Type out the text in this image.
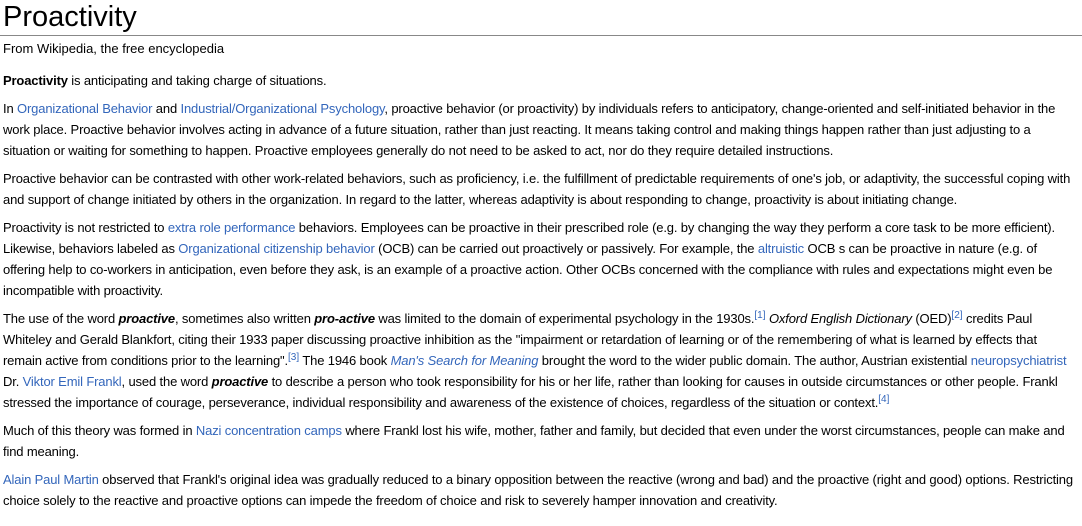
Proactivity
From Wikipedia, the free encyclopedia

Proactivity is anticipating and taking charge of situations.

In Organizational Behavior and Industrial/Organizational Psychology, proactive behavior (or proactivity) by individuals refers to anticipatory, change-oriented and self-initiated behavior in the work place. Proactive behavior involves acting in advance of a future situation, rather than just reacting. It means taking control and making things happen rather than just adjusting to a situation or waiting for something to happen. Proactive employees generally do not need to be asked to act, nor do they require detailed instructions.

Proactive behavior can be contrasted with other work-related behaviors, such as proficiency, i.e. the fulfillment of predictable requirements of one's job, or adaptivity, the successful coping with and support of change initiated by others in the organization. In regard to the latter, whereas adaptivity is about responding to change, proactivity is about initiating change.

Proactivity is not restricted to extra role performance behaviors. Employees can be proactive in their prescribed role (e.g. by changing the way they perform a core task to be more efficient). Likewise, behaviors labeled as Organizational citizenship behavior (OCB) can be carried out proactively or passively. For example, the altruistic OCB s can be proactive in nature (e.g. of offering help to co-workers in anticipation, even before they ask, is an example of a proactive action. Other OCBs concerned with the compliance with rules and expectations might even be incompatible with proactivity.

The use of the word proactive, sometimes also written pro-active was limited to the domain of experimental psychology in the 1930s.[1] Oxford English Dictionary (OED)[2] credits Paul Whiteley and Gerald Blankfort, citing their 1933 paper discussing proactive inhibition as the "impairment or retardation of learning or of the remembering of what is learned by effects that remain active from conditions prior to the learning".[3] The 1946 book Man's Search for Meaning brought the word to the wider public domain. The author, Austrian existential neuropsychiatrist Dr. Viktor Emil Frankl, used the word proactive to describe a person who took responsibility for his or her life, rather than looking for causes in outside circumstances or other people. Frankl stressed the importance of courage, perseverance, individual responsibility and awareness of the existence of choices, regardless of the situation or context.[4]

Much of this theory was formed in Nazi concentration camps where Frankl lost his wife, mother, father and family, but decided that even under the worst circumstances, people can make and find meaning.

Alain Paul Martin observed that Frankl's original idea was gradually reduced to a binary opposition between the reactive (wrong and bad) and the proactive (right and good) options. Restricting choice solely to the reactive and proactive options can impede the freedom of choice and risk to severely hamper innovation and creativity.
